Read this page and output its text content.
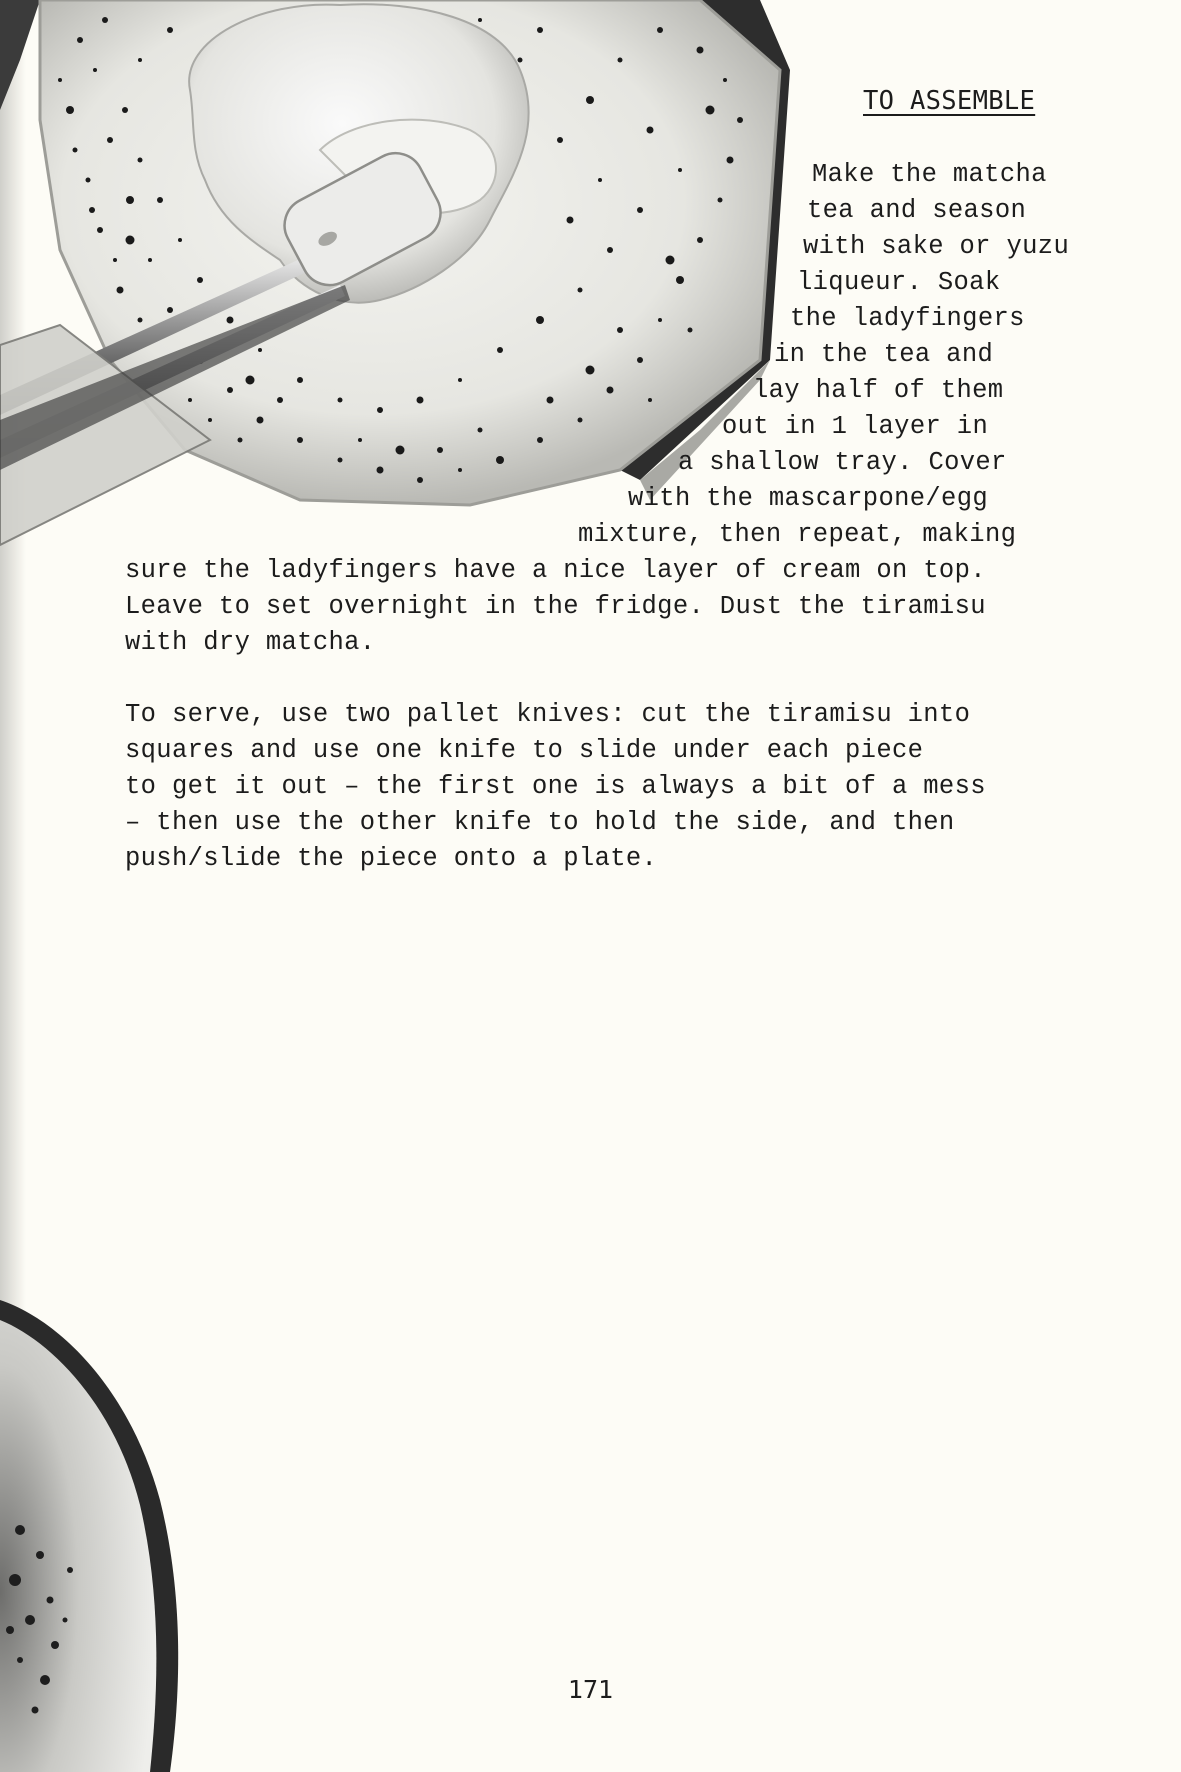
TO ASSEMBLE

Make the matcha

tea and season

with sake or yuzu

liqueur. Soak

the ladyfingers

in the tea and

lay half of them

out in 1 layer in

a shallow tray. Cover

with the mascarpone/egg

mixture, then repeat, making

sure the ladyfingers have a nice layer of cream on top.

Leave to set overnight in the fridge. Dust the tiramisu

with dry matcha.

To serve, use two pallet knives: cut the tiramisu into

squares and use one knife to slide under each piece

to get it out – the first one is always a bit of a mess

– then use the other knife to hold the side, and then

push/slide the piece onto a plate.

171
